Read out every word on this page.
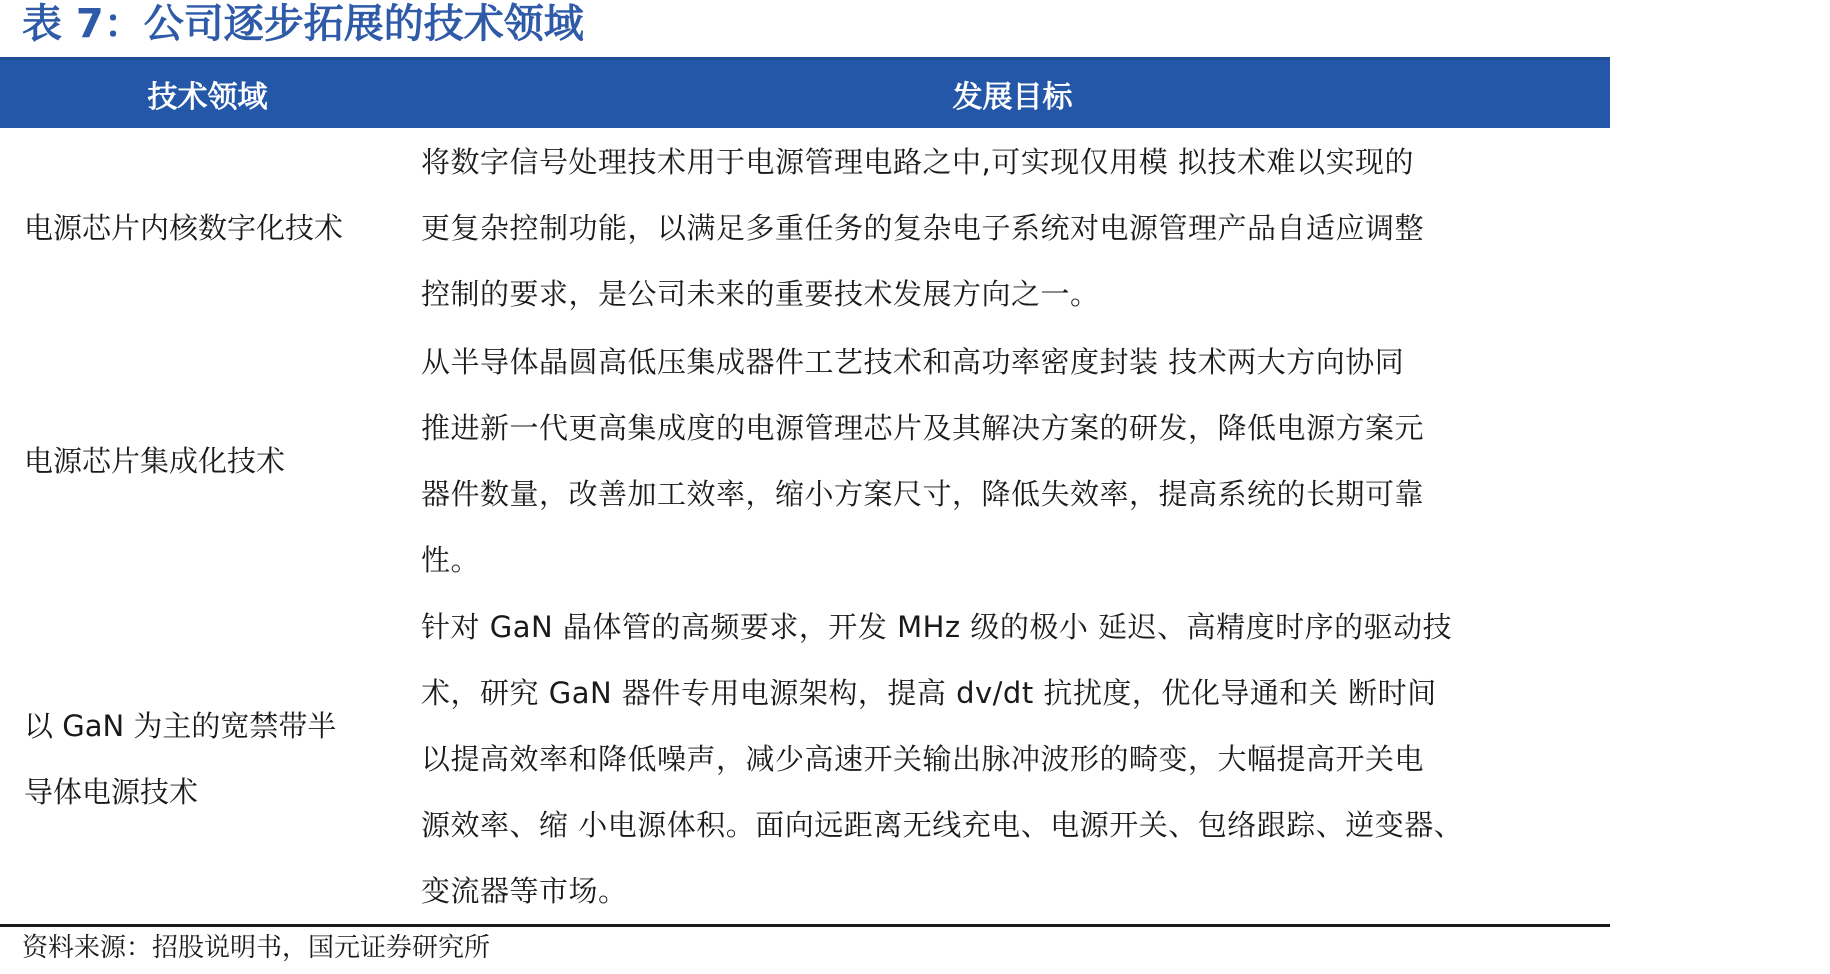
表 7：公司逐步拓展的技术领域
技术领域	发展目标
电源芯片内核数字化技术

将数字信号处理技术用于电源管理电路之中,可实现仅用模 拟技术难以实现的

更复杂控制功能，以满足多重任务的复杂电子系统对电源管理产品自适应调整

控制的要求，是公司未来的重要技术发展方向之一。

电源芯片集成化技术

从半导体晶圆高低压集成器件工艺技术和高功率密度封装 技术两大方向协同

推进新一代更高集成度的电源管理芯片及其解决方案的研发，降低电源方案元

器件数量，改善加工效率，缩小方案尺寸，降低失效率，提高系统的长期可靠

性。

以 GaN 为主的宽禁带半
导体电源技术

针对 GaN 晶体管的高频要求，开发 MHz 级的极小 延迟、高精度时序的驱动技

术，研究 GaN 器件专用电源架构，提高 dv/dt 抗扰度，优化导通和关 断时间

以提高效率和降低噪声，减少高速开关输出脉冲波形的畸变，大幅提高开关电

源效率、缩 小电源体积。面向远距离无线充电、电源开关、包络跟踪、逆变器、

变流器等市场。

资料来源：招股说明书，国元证券研究所
